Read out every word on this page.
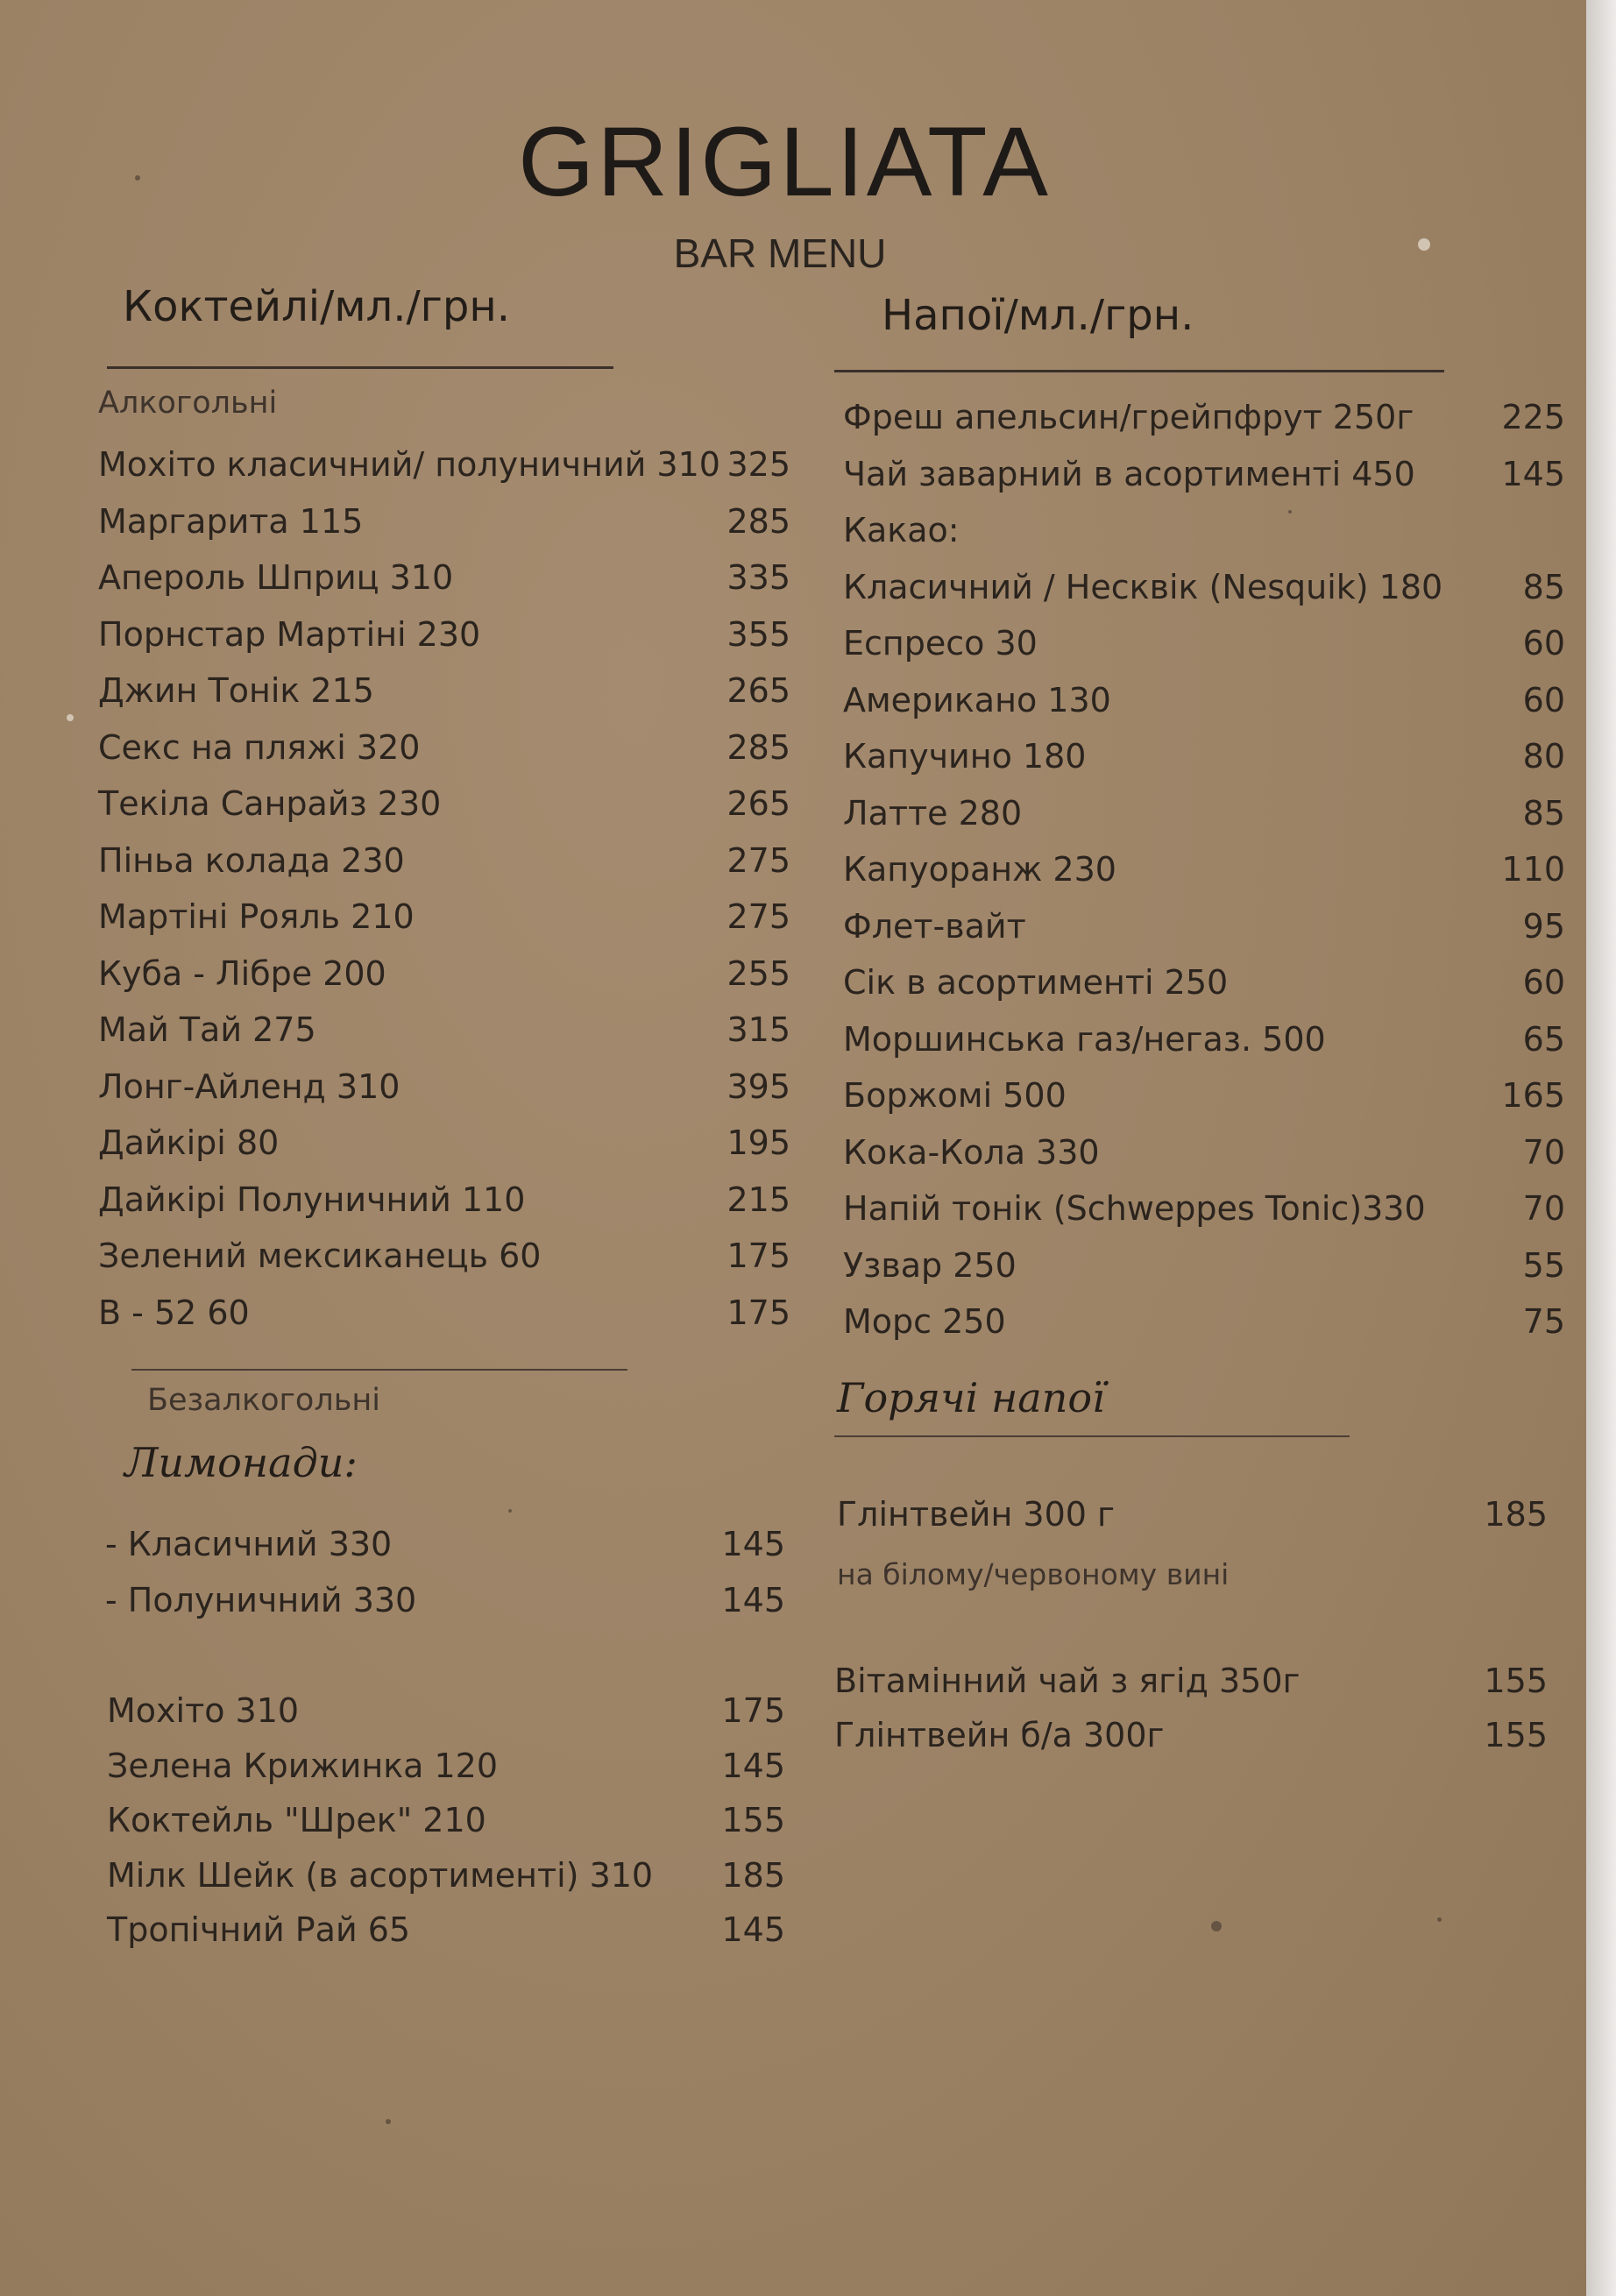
GRIGLIATA
BAR MENU
Коктейлі/мл./грн.
Алкогольні
Мохіто класичний/ полуничний 310 325
Маргарита 115	285
Апероль Шприц 310	335
Порнстар Мартіні 230	355
Джин Тонік 215	265
Секс на пляжі 320	285
Текіла Санрайз 230	265
Піньа колада 230	275
Мартіні Рояль 210	275
Куба - Лібре 200	255
Май Тай 275	315
Лонг-Айленд 310	395
Дайкірі 80	195
Дайкірі Полуничний 110	215
Зелений мексиканець 60	175
B - 52 60	175
Безалкогольні
Лимонади:
- Класичний 330	145
- Полуничний 330	145
Мохіто 310	175
Зелена Крижинка 120	145
Коктейль "Шрек" 210	155
Мілк Шейк (в асортименті) 310	185
Тропічний Рай 65	145
Напої/мл./грн.
Фреш апельсин/грейпфрут 250г	225
Чай заварний в асортименті 450	145
Какао:
Класичний / Несквік (Nesquik) 180	85
Еспресо 30	60
Американо 130	60
Капучино 180	80
Латте 280	85
Капуоранж 230	110
Флет-вайт	95
Сік в асортименті 250	60
Моршинська газ/негаз. 500	65
Боржомі 500	165
Кока-Кола 330	70
Напій тонік (Schweppes Tonic)330	70
Узвар 250	55
Морс 250	75
Горячі напої
Глінтвейн 300 г	185
на білому/червоному вині
Вітамінний чай з ягід 350г	155
Глінтвейн б/а 300г	155
